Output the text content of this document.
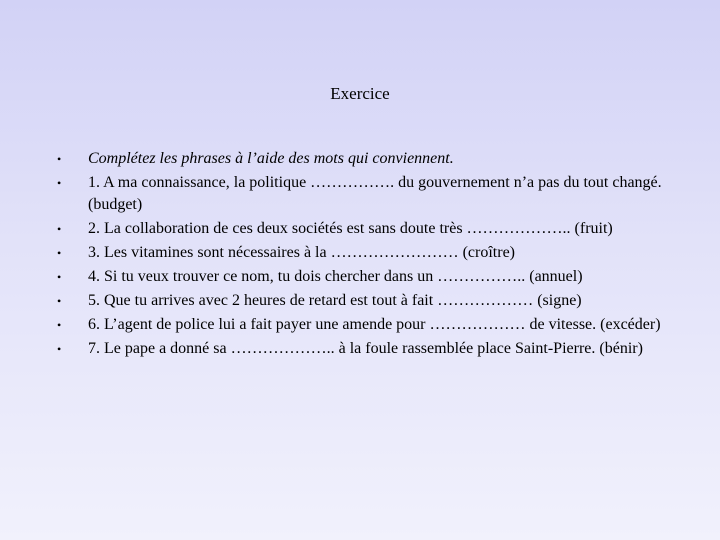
Exercice
• Complétez les phrases à l’aide des mots qui conviennent.
• 1. A ma connaissance, la politique ……………. du gouvernement n’a pas du tout changé. (budget)
• 2. La collaboration de ces deux sociétés est sans doute très ……………….. (fruit)
• 3. Les vitamines sont nécessaires à la …………………… (croître)
• 4. Si tu veux trouver ce nom, tu dois chercher dans un …………….. (annuel)
• 5. Que tu arrives avec 2 heures de retard est tout à fait ……………… (signe)
• 6. L’agent de police lui a fait payer une amende pour ……………… de vitesse. (excéder)
• 7. Le pape a donné sa ……………….. à la foule rassemblée place Saint-Pierre. (bénir)
